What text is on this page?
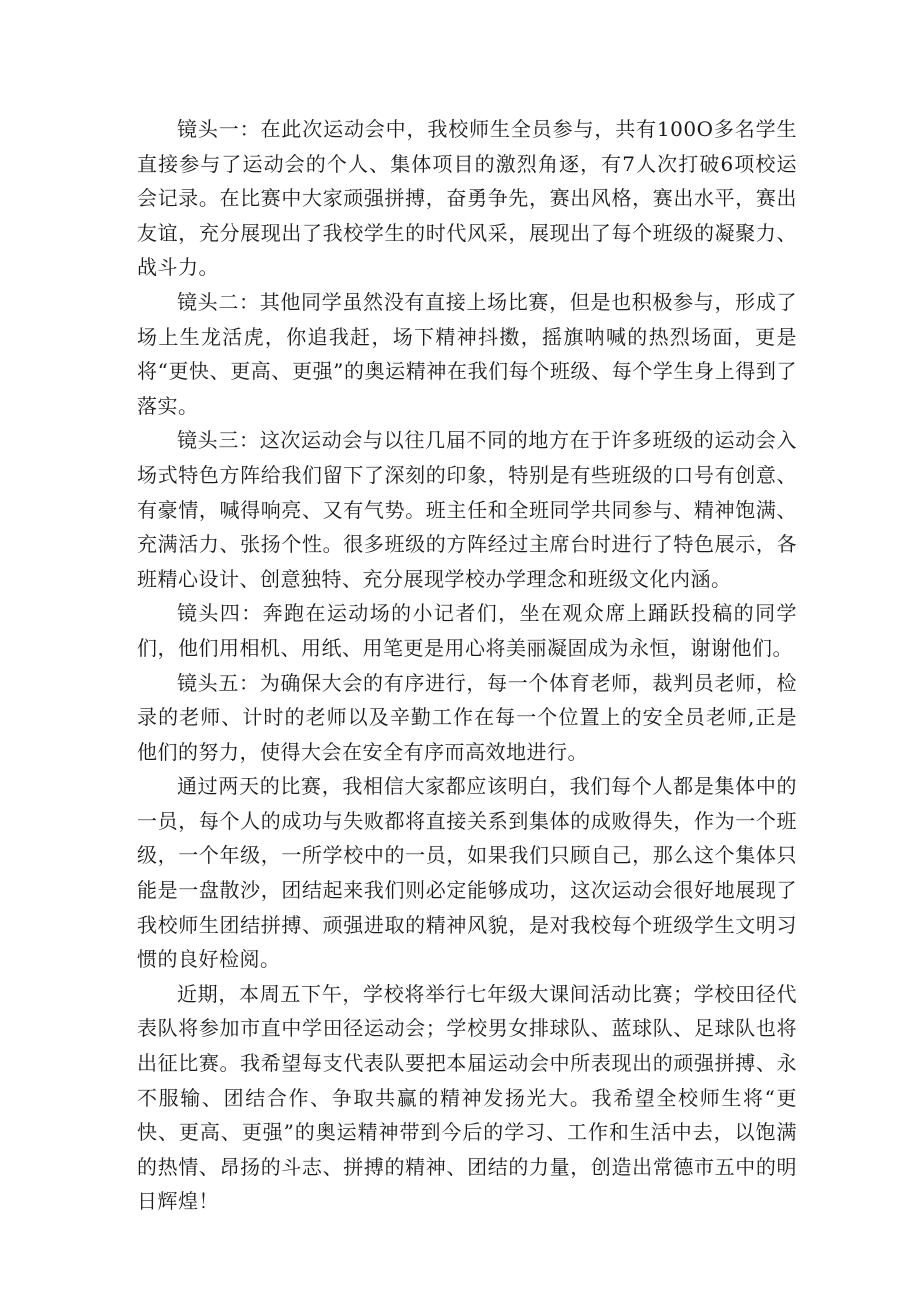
镜头一：在此次运动会中，我校师生全员参与，共有100O多名学生直接参与了运动会的个人、集体项目的激烈角逐，有7人次打破6项校运会记录。在比赛中大家顽强拼搏，奋勇争先，赛出风格，赛出水平，赛出友谊，充分展现出了我校学生的时代风采，展现出了每个班级的凝聚力、战斗力。

镜头二：其他同学虽然没有直接上场比赛，但是也积极参与，形成了场上生龙活虎，你追我赶，场下精神抖擞，摇旗呐喊的热烈场面，更是将“更快、更高、更强”的奥运精神在我们每个班级、每个学生身上得到了落实。

镜头三：这次运动会与以往几届不同的地方在于许多班级的运动会入场式特色方阵给我们留下了深刻的印象，特别是有些班级的口号有创意、有豪情，喊得响亮、又有气势。班主任和全班同学共同参与、精神饱满、充满活力、张扬个性。很多班级的方阵经过主席台时进行了特色展示，各班精心设计、创意独特、充分展现学校办学理念和班级文化内涵。

镜头四：奔跑在运动场的小记者们，坐在观众席上踊跃投稿的同学们，他们用相机、用纸、用笔更是用心将美丽凝固成为永恒，谢谢他们。

镜头五：为确保大会的有序进行，每一个体育老师，裁判员老师，检录的老师、计时的老师以及辛勤工作在每一个位置上的安全员老师,正是他们的努力，使得大会在安全有序而高效地进行。

通过两天的比赛，我相信大家都应该明白，我们每个人都是集体中的一员，每个人的成功与失败都将直接关系到集体的成败得失，作为一个班级，一个年级，一所学校中的一员，如果我们只顾自己，那么这个集体只能是一盘散沙，团结起来我们则必定能够成功，这次运动会很好地展现了我校师生团结拼搏、顽强进取的精神风貌，是对我校每个班级学生文明习惯的良好检阅。

近期，本周五下午，学校将举行七年级大课间活动比赛；学校田径代表队将参加市直中学田径运动会；学校男女排球队、蓝球队、足球队也将出征比赛。我希望每支代表队要把本届运动会中所表现出的顽强拼搏、永不服输、团结合作、争取共赢的精神发扬光大。我希望全校师生将“更快、更高、更强”的奥运精神带到今后的学习、工作和生活中去，以饱满的热情、昂扬的斗志、拼搏的精神、团结的力量，创造出常德市五中的明日辉煌！
